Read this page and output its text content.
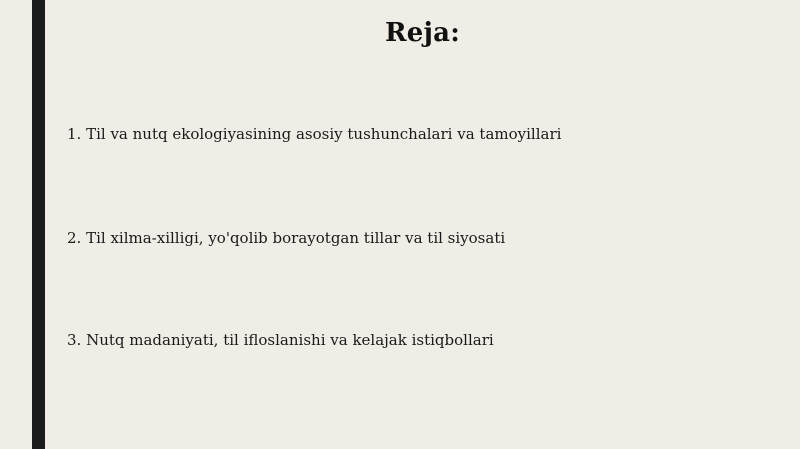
Reja:
1. Til va nutq ekologiyasining asosiy tushunchalari va tamoyillari
2. Til xilma-xilligi, yo'qolib borayotgan tillar va til siyosati
3. Nutq madaniyati, til ifloslanishi va kelajak istiqbollari
